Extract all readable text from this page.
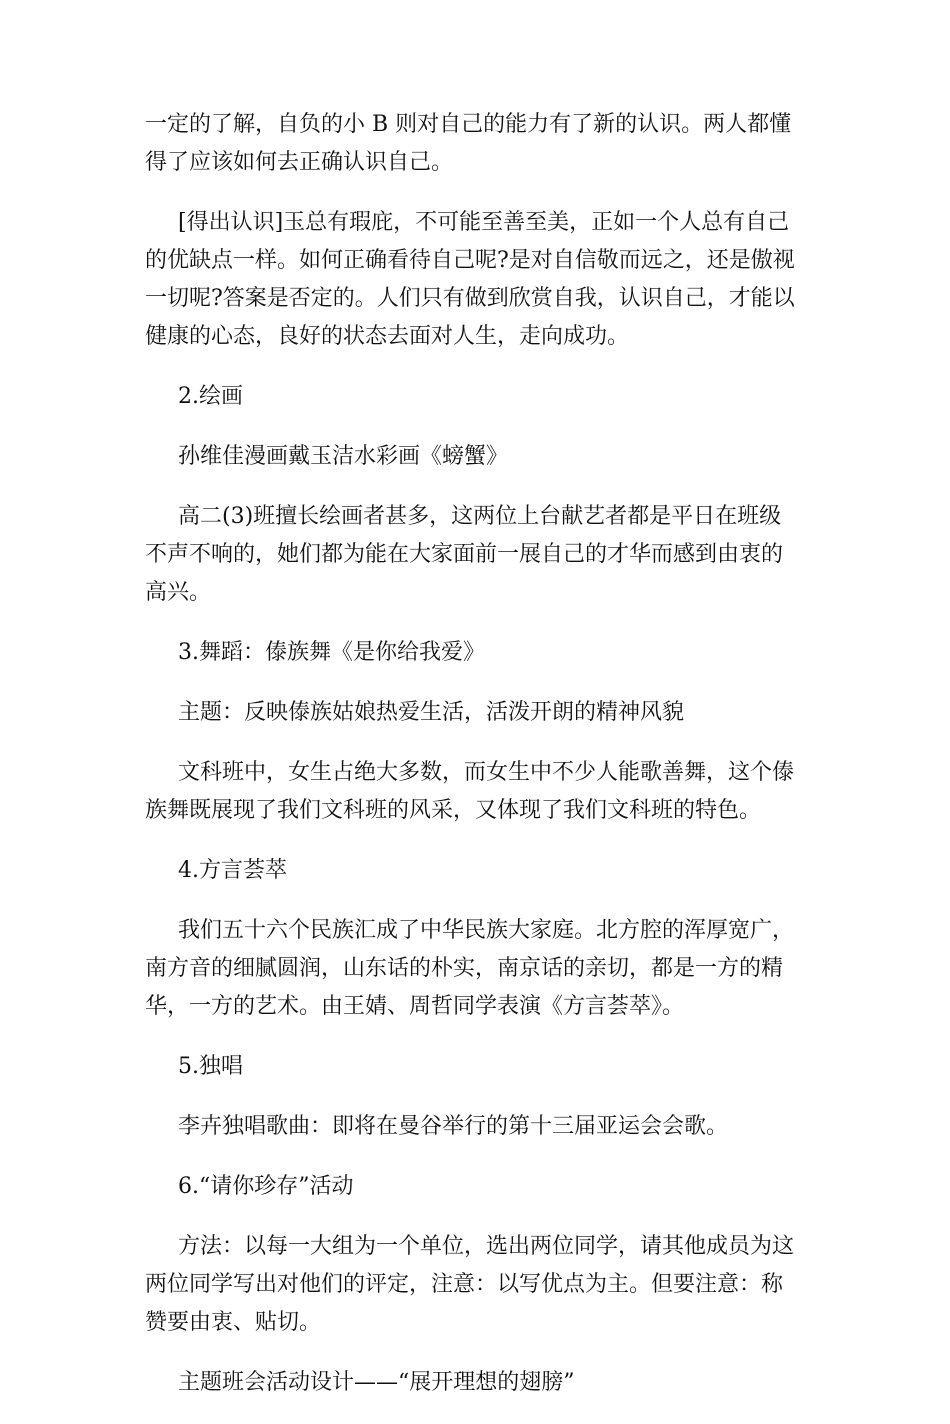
一定的了解，自负的小 B 则对自己的能力有了新的认识。两人都懂
得了应该如何去正确认识自己。

[得出认识]玉总有瑕庇，不可能至善至美，正如一个人总有自己
的优缺点一样。如何正确看待自己呢?是对自信敬而远之，还是傲视
一切呢?答案是否定的。人们只有做到欣赏自我，认识自己，才能以
健康的心态，良好的状态去面对人生，走向成功。

2.绘画

孙维佳漫画戴玉洁水彩画《螃蟹》

高二(3)班擅长绘画者甚多，这两位上台献艺者都是平日在班级
不声不响的，她们都为能在大家面前一展自己的才华而感到由衷的
高兴。

3.舞蹈：傣族舞《是你给我爱》

主题：反映傣族姑娘热爱生活，活泼开朗的精神风貌

文科班中，女生占绝大多数，而女生中不少人能歌善舞，这个傣
族舞既展现了我们文科班的风采，又体现了我们文科班的特色。

4.方言荟萃

我们五十六个民族汇成了中华民族大家庭。北方腔的浑厚宽广，
南方音的细腻圆润，山东话的朴实，南京话的亲切，都是一方的精
华，一方的艺术。由王婧、周哲同学表演《方言荟萃》。

5.独唱

李卉独唱歌曲：即将在曼谷举行的第十三届亚运会会歌。

6.“请你珍存”活动

方法：以每一大组为一个单位，选出两位同学，请其他成员为这
两位同学写出对他们的评定，注意：以写优点为主。但要注意：称
赞要由衷、贴切。

主题班会活动设计——“展开理想的翅膀”
